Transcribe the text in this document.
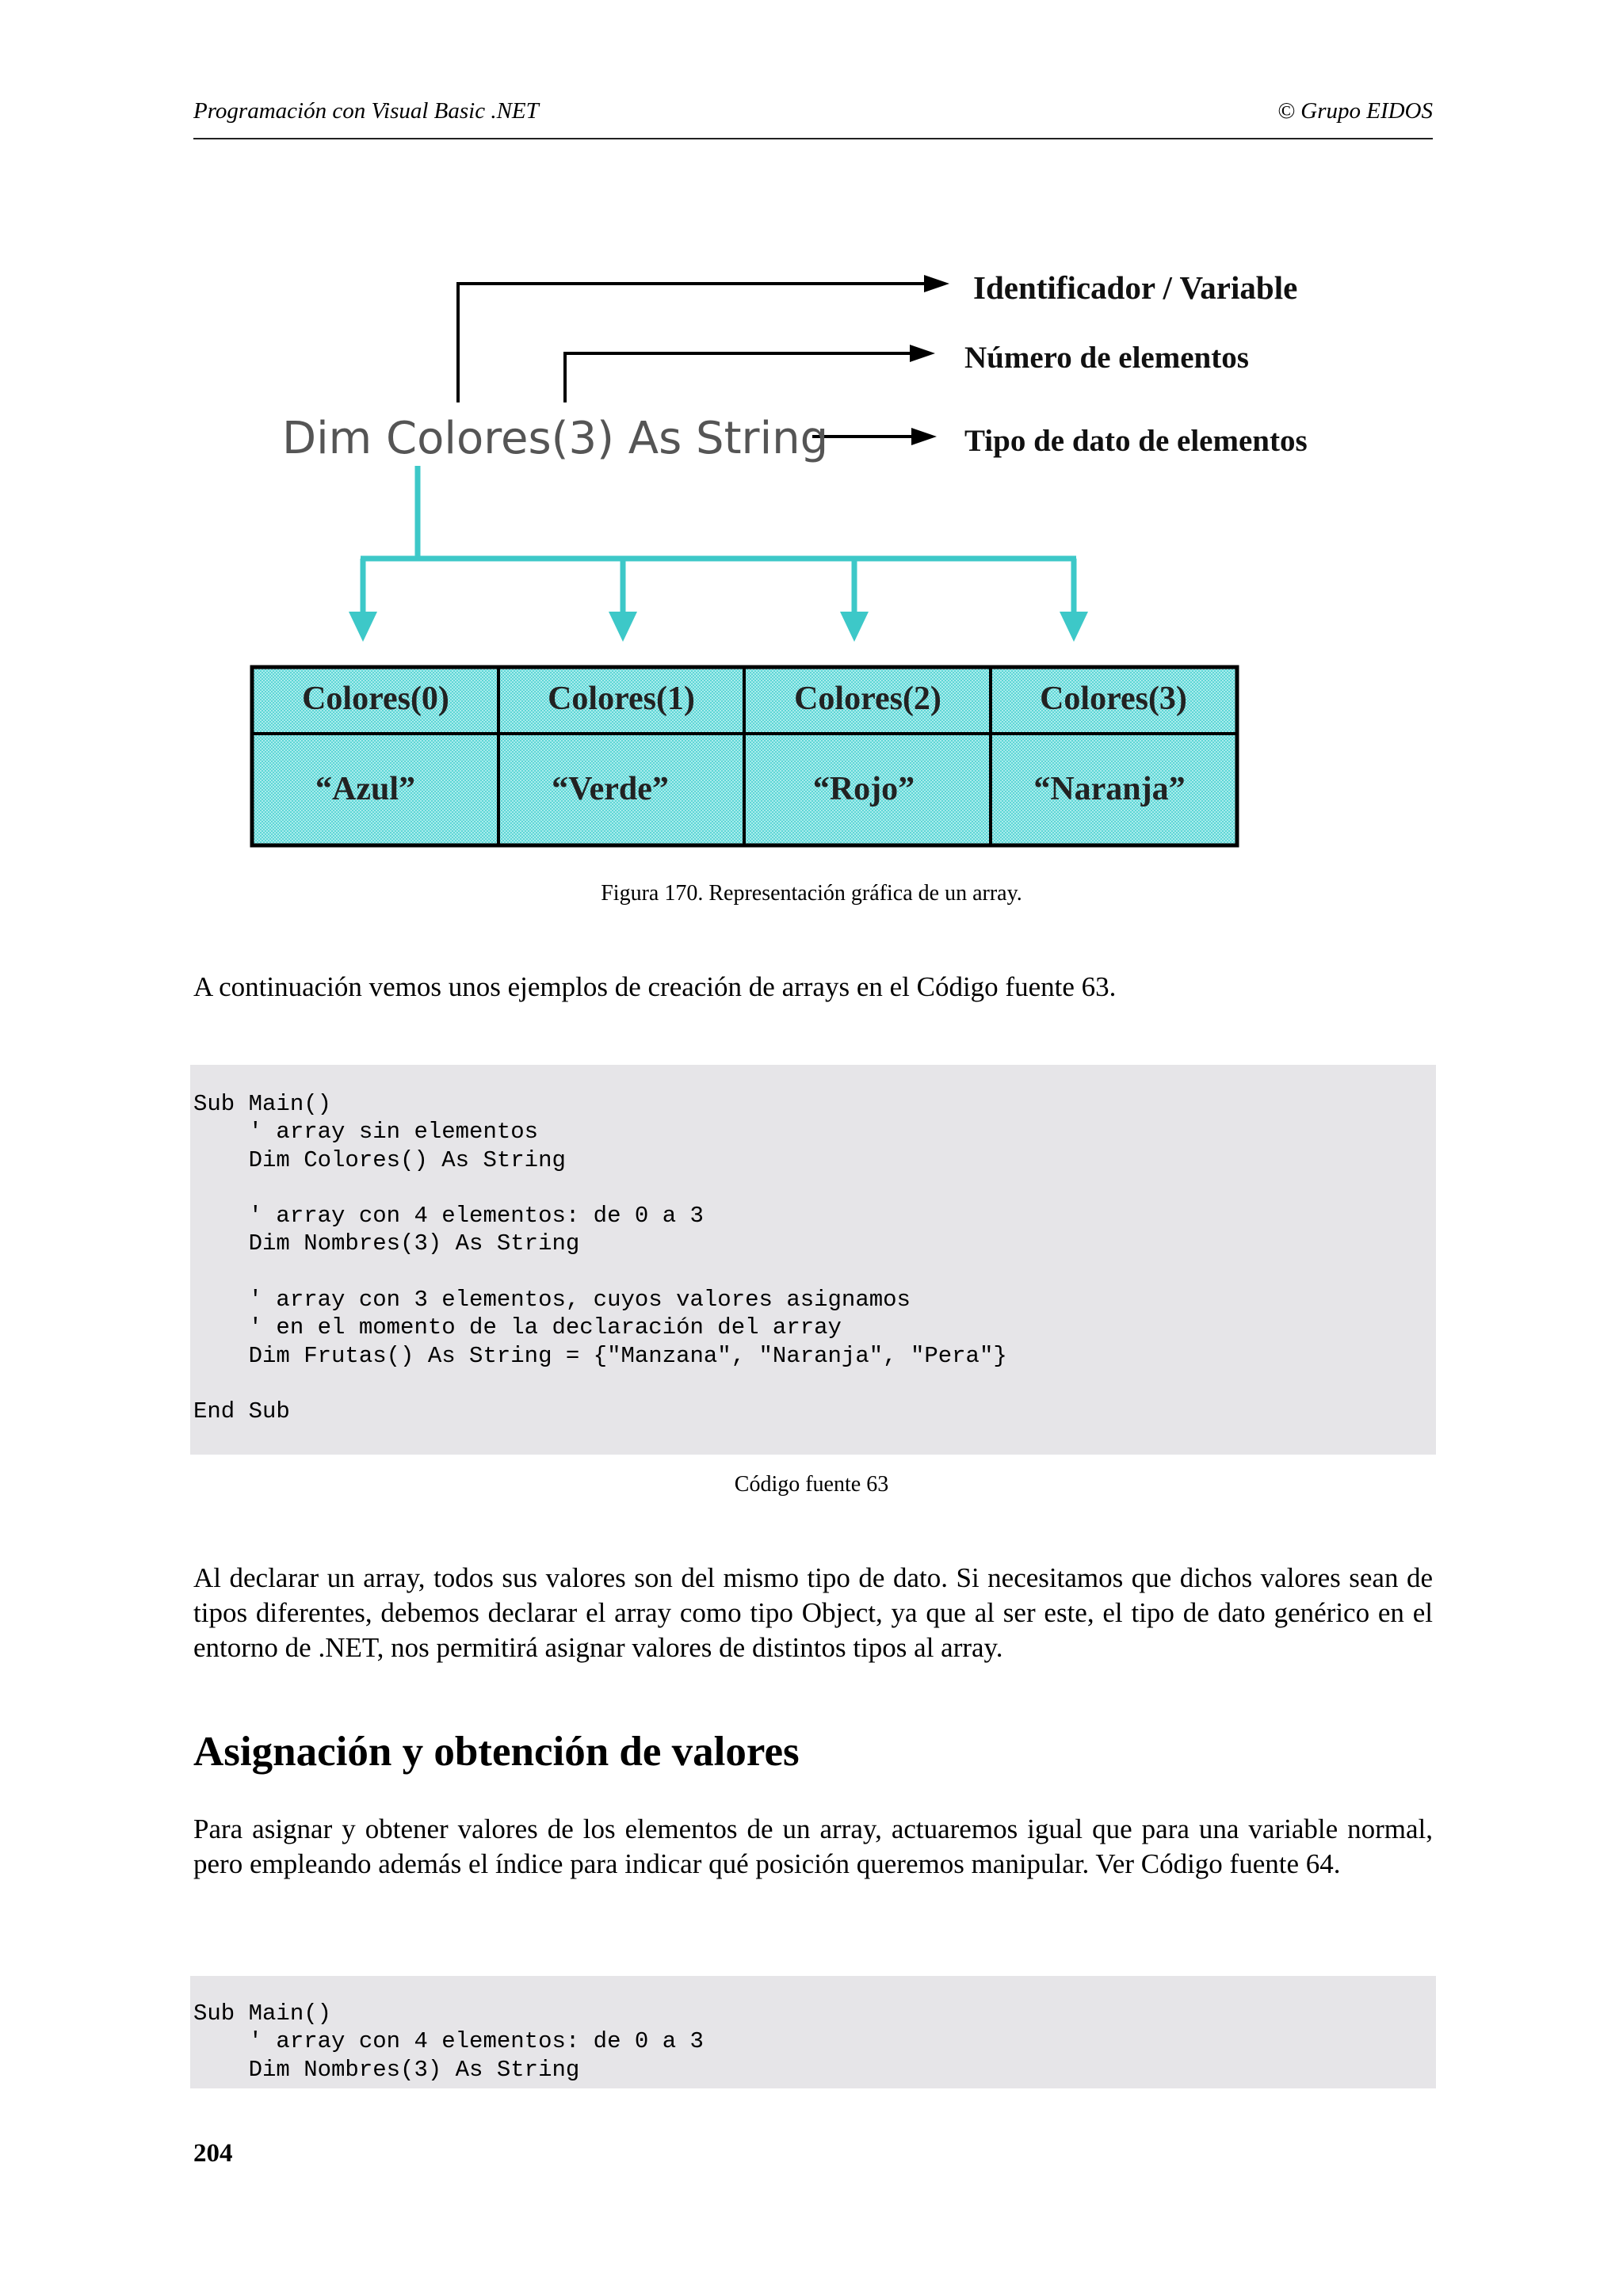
Programación con Visual Basic .NET	© Grupo EIDOS
Dim Colores(3) As String
Identificador / Variable
Número de elementos
Tipo de dato de elementos
Colores(0)	Colores(1)	Colores(2)	Colores(3)
“Azul”	“Verde”	“Rojo”	“Naranja”
Figura 170. Representación gráfica de un array.
A continuación vemos unos ejemplos de creación de arrays en el Código fuente 63.
Sub Main()
' array sin elementos
Dim Colores() As String
' array con 4 elementos: de 0 a 3
Dim Nombres(3) As String
' array con 3 elementos, cuyos valores asignamos
' en el momento de la declaración del array
Dim Frutas() As String = {"Manzana", "Naranja", "Pera"}
End Sub
Código fuente 63
Al declarar un array, todos sus valores son del mismo tipo de dato. Si necesitamos que dichos valores sean de tipos diferentes, debemos declarar el array como tipo Object, ya que al ser este, el tipo de dato genérico en el entorno de .NET, nos permitirá asignar valores de distintos tipos al array.
Asignación y obtención de valores
Para asignar y obtener valores de los elementos de un array, actuaremos igual que para una variable normal, pero empleando además el índice para indicar qué posición queremos manipular. Ver Código fuente 64.
Sub Main()
' array con 4 elementos: de 0 a 3
Dim Nombres(3) As String
204
